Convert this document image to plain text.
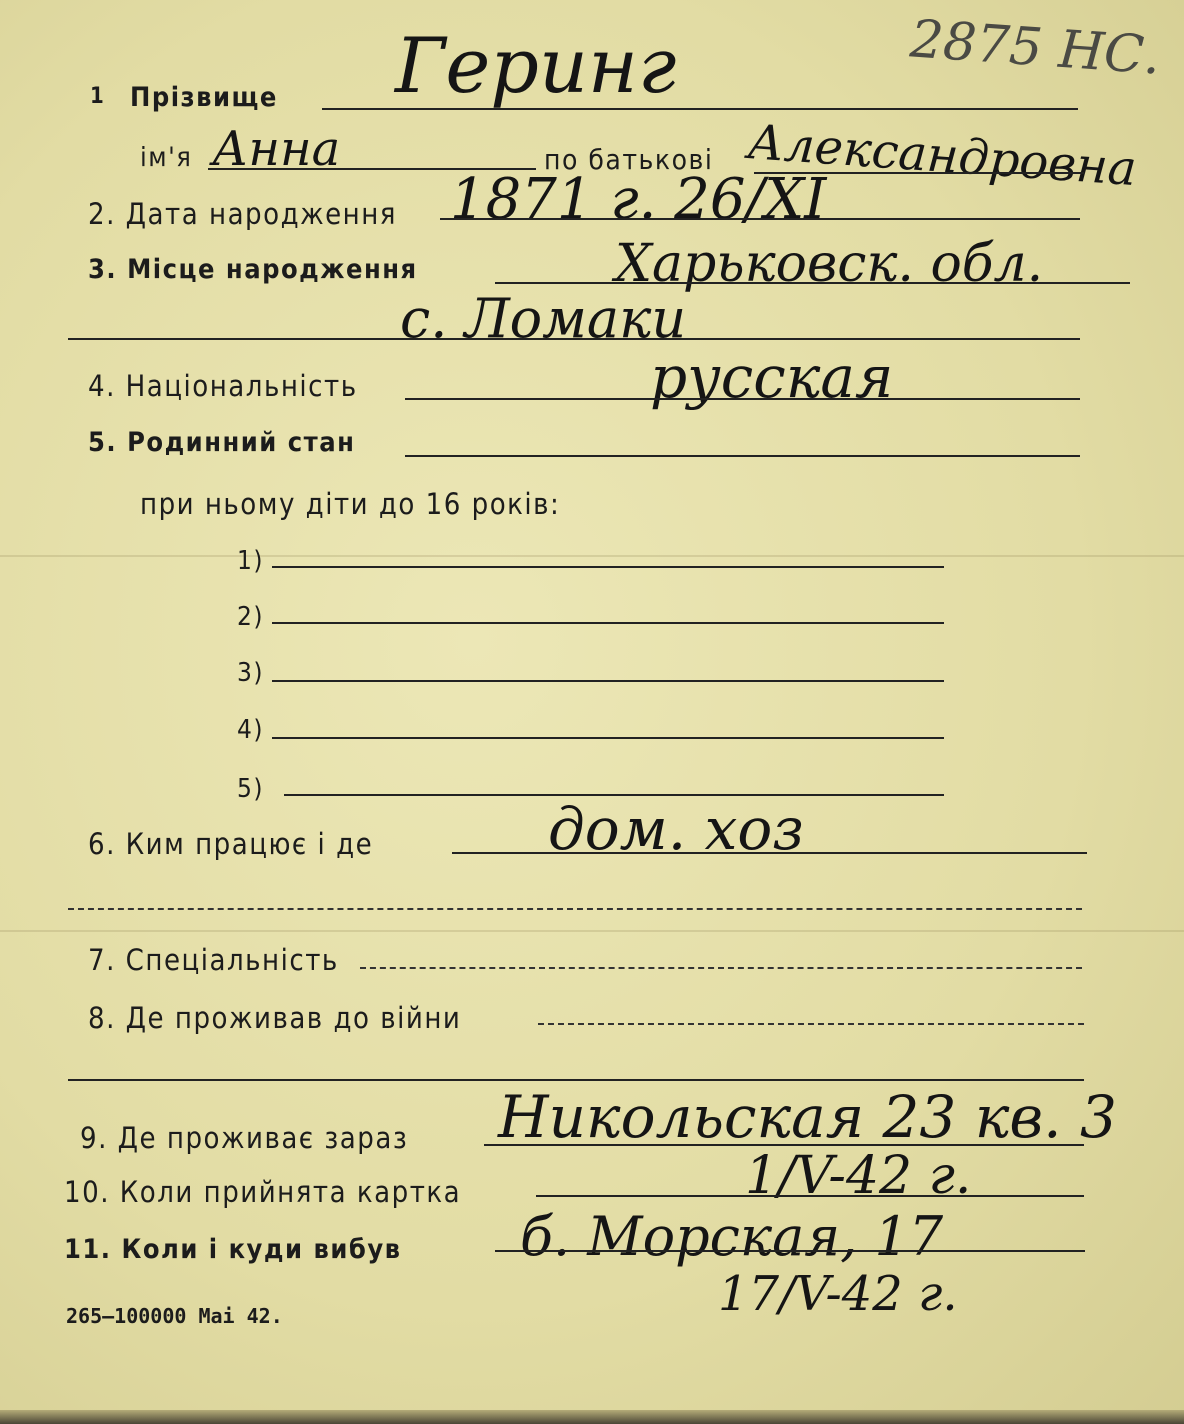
2875 НС.
1 Прізвище Геринг
ім'я Анна	по батькові Александровна
2. Дата народження 1871 г. 26/XI
3. Місце народження	Харьковск. обл.
с. Ломаки
4. Національність	русская
5. Родинний стан
при ньому діти до 16 років:
1)
2)
3)
4)
5)
6. Ким працює і де	дом. хоз
7. Спеціальність
8. Де проживав до війни
9. Де проживає зараз Никольская 23 кв. 3
10. Коли прийнята картка	1/V-42 г.
11. Коли і куди вибув б. Морская, 17
17/V-42 г.
265—100000 Mai 42.
